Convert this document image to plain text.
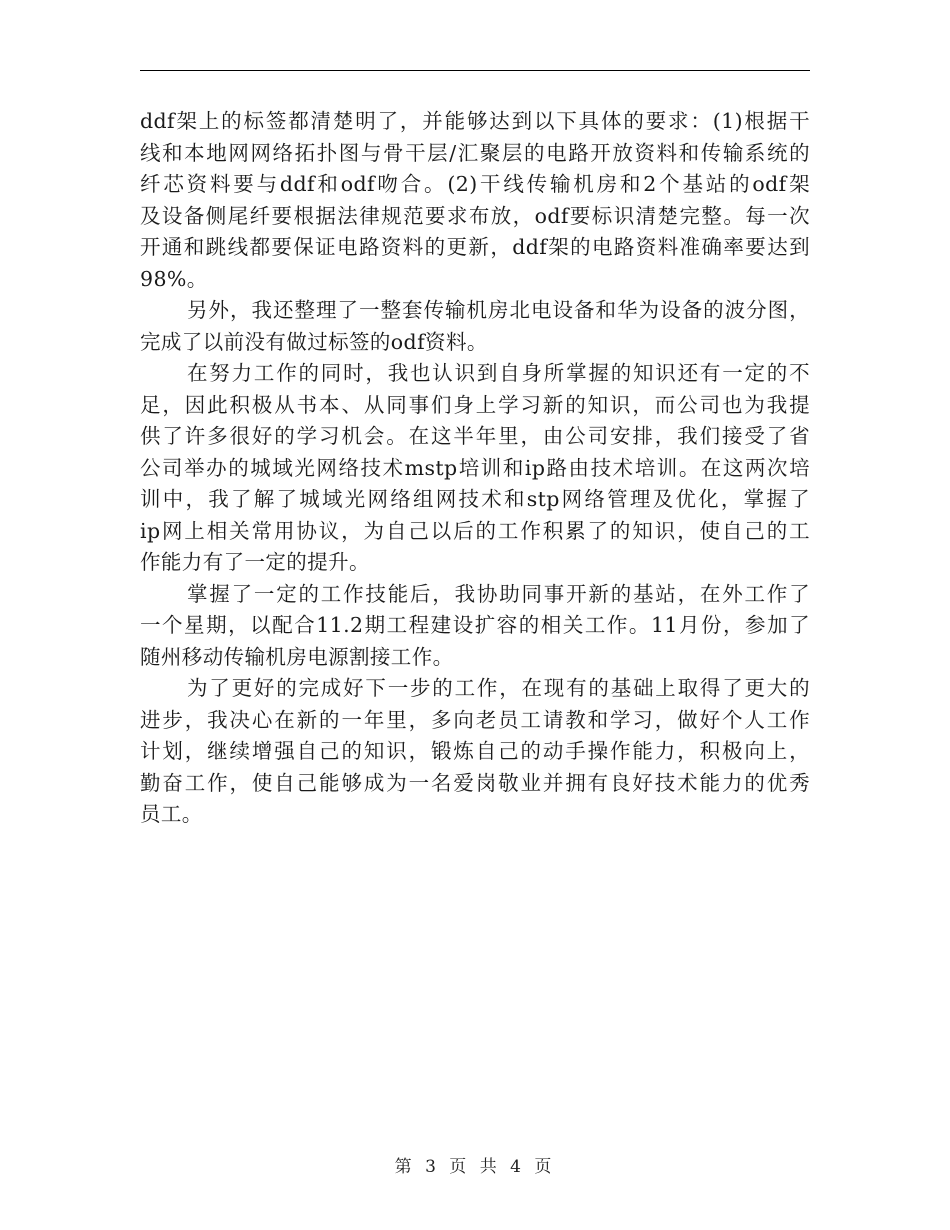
ddf架上的标签都清楚明了，并能够达到以下具体的要求：(1)根据干
线和本地网网络拓扑图与骨干层/汇聚层的电路开放资料和传输系统的
纤芯资料要与ddf和odf吻合。(2)干线传输机房和2个基站的odf架
及设备侧尾纤要根据法律规范要求布放，odf要标识清楚完整。每一次
开通和跳线都要保证电路资料的更新，ddf架的电路资料准确率要达到
98%。
另外，我还整理了一整套传输机房北电设备和华为设备的波分图，
完成了以前没有做过标签的odf资料。
在努力工作的同时，我也认识到自身所掌握的知识还有一定的不
足，因此积极从书本、从同事们身上学习新的知识，而公司也为我提
供了许多很好的学习机会。在这半年里，由公司安排，我们接受了省
公司举办的城域光网络技术mstp培训和ip路由技术培训。在这两次培
训中，我了解了城域光网络组网技术和stp网络管理及优化，掌握了
ip网上相关常用协议，为自己以后的工作积累了的知识，使自己的工
作能力有了一定的提升。
掌握了一定的工作技能后，我协助同事开新的基站，在外工作了
一个星期，以配合11.2期工程建设扩容的相关工作。11月份，参加了
随州移动传输机房电源割接工作。
为了更好的完成好下一步的工作，在现有的基础上取得了更大的
进步，我决心在新的一年里，多向老员工请教和学习，做好个人工作
计划，继续增强自己的知识，锻炼自己的动手操作能力，积极向上，
勤奋工作，使自己能够成为一名爱岗敬业并拥有良好技术能力的优秀
员工。
第 3 页 共 4 页
